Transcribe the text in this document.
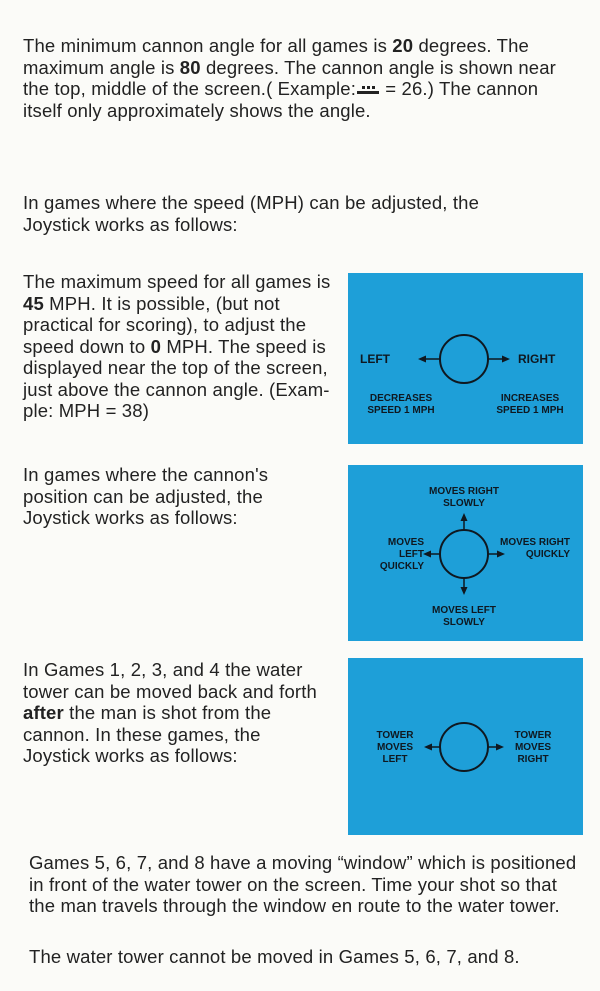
The minimum cannon angle for all games is 20 degrees. The maximum angle is 80 degrees. The cannon angle is shown near the top, middle of the screen.( Example: = 26.) The cannon itself only approximately shows the angle.

In games where the speed (MPH) can be adjusted, the Joystick works as follows:

The maximum speed for all games is 45 MPH. It is possible, (but not practical for scoring), to adjust the speed down to 0 MPH. The speed is displayed near the top of the screen, just above the cannon angle. (Exam-ple: MPH = 38)

LEFT	RIGHT
DECREASES SPEED 1 MPH
INCREASES SPEED 1 MPH

In games where the cannon's position can be adjusted, the Joystick works as follows:

MOVES RIGHT SLOWLY
MOVES LEFT QUICKLY
MOVES RIGHT QUICKLY
MOVES LEFT SLOWLY

In Games 1, 2, 3, and 4 the water tower can be moved back and forth after the man is shot from the cannon. In these games, the Joystick works as follows:

TOWER MOVES LEFT
TOWER MOVES RIGHT

Games 5, 6, 7, and 8 have a moving “window” which is positioned in front of the water tower on the screen. Time your shot so that the man travels through the window en route to the water tower.

The water tower cannot be moved in Games 5, 6, 7, and 8.
